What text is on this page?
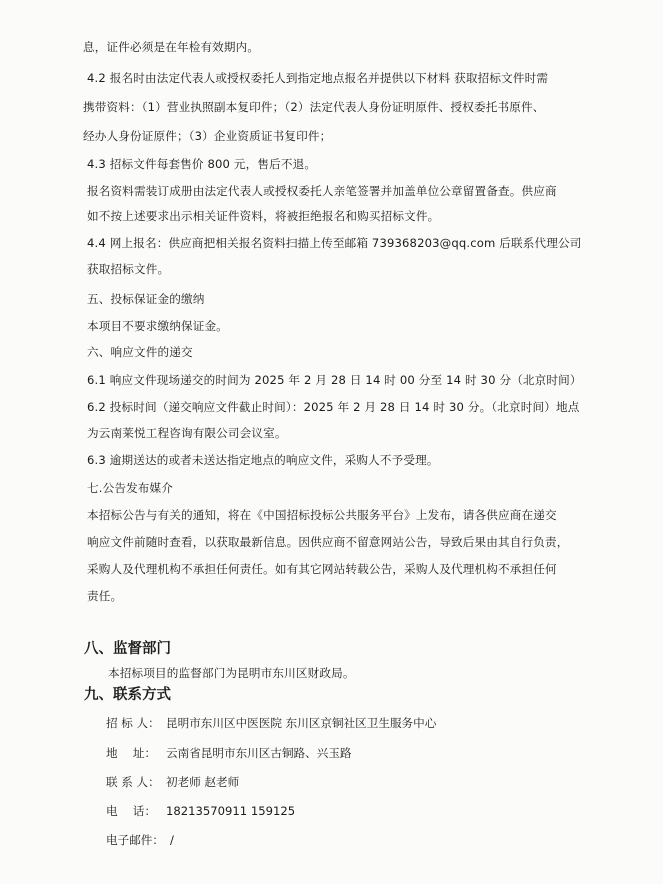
息，证件必须是在年检有效期内。
4.2 报名时由法定代表人或授权委托人到指定地点报名并提供以下材料 获取招标文件时需
携带资料：（1）营业执照副本复印件；（2）法定代表人身份证明原件、授权委托书原件、
经办人身份证原件；（3）企业资质证书复印件；
4.3 招标文件每套售价 800 元，售后不退。
报名资料需装订成册由法定代表人或授权委托人亲笔签署并加盖单位公章留置备查。供应商
如不按上述要求出示相关证件资料，将被拒绝报名和购买招标文件。
4.4 网上报名：供应商把相关报名资料扫描上传至邮箱 739368203@qq.com 后联系代理公司
获取招标文件。
五、投标保证金的缴纳
本项目不要求缴纳保证金。
六、响应文件的递交
6.1 响应文件现场递交的时间为 2025 年 2 月 28 日 14 时 00 分至 14 时 30 分（北京时间）
6.2 投标时间（递交响应文件截止时间）：2025 年 2 月 28 日 14 时 30 分。（北京时间）地点
为云南莱悦工程咨询有限公司会议室。
6.3 逾期送达的或者未送达指定地点的响应文件，采购人不予受理。
七.公告发布媒介
本招标公告与有关的通知，将在《中国招标投标公共服务平台》上发布，请各供应商在递交
响应文件前随时查看，以获取最新信息。因供应商不留意网站公告，导致后果由其自行负责，
采购人及代理机构不承担任何责任。如有其它网站转载公告，采购人及代理机构不承担任何
责任。
八、监督部门
本招标项目的监督部门为昆明市东川区财政局。
九、联系方式
招 标 人： 昆明市东川区中医医院 东川区京铜社区卫生服务中心
地　 址： 云南省昆明市东川区古铜路、兴玉路
联 系 人： 初老师 赵老师
电　 话： 18213570911 159125
电子邮件： /
